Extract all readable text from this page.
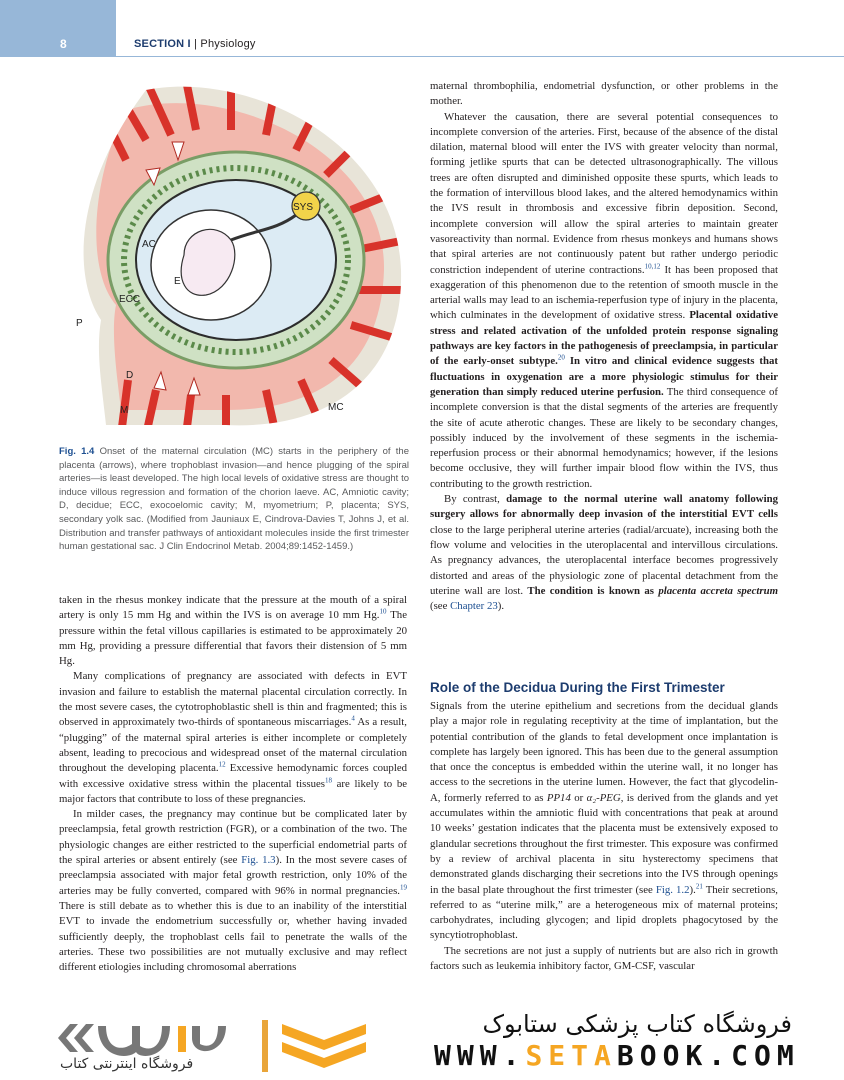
8	SECTION I | Physiology
SYS
AC
E
ECC
P
D
M	MC
Fig. 1.4 Onset of the maternal circulation (MC) starts in the periphery of the placenta (arrows), where trophoblast invasion—and hence plugging of the spiral arteries—is least developed. The high local levels of oxidative stress are thought to induce villous regression and formation of the chorion laeve. AC, Amniotic cavity; D, decidue; ECC, exocoelomic cavity; M, myometrium; P, placenta; SYS, secondary yolk sac. (Modified from Jauniaux E, Cindrova-Davies T, Johns J, et al. Distribution and transfer pathways of antioxidant molecules inside the first trimester human gestational sac. J Clin Endocrinol Metab. 2004;89:1452-1459.)

maternal thrombophilia, endometrial dysfunction, or other problems in the mother.

Whatever the causation, there are several potential consequences to incomplete conversion of the arteries. First, because of the absence of the distal dilation, maternal blood will enter the IVS with greater velocity than normal, forming jetlike spurts that can be detected ultrasonographically. The villous trees are often disrupted and diminished opposite these spurts, which leads to the formation of intervillous blood lakes, and the altered hemodynamics within the IVS result in thrombosis and excessive fibrin deposition. Second, incomplete conversion will allow the spiral arteries to maintain greater vasoreactivity than normal. Evidence from rhesus monkeys and humans shows that spiral arteries are not continuously patent but rather undergo periodic constriction independent of uterine contractions.$^{10,12}$ It has been proposed that exaggeration of this phenomenon due to the retention of smooth muscle in the arterial walls may lead to an ischemia-reperfusion type of injury in the placenta, which culminates in the development of oxidative stress. Placental oxidative stress and related activation of the unfolded protein response signaling pathways are key factors in the pathogenesis of preeclampsia, in particular of the early-onset subtype.$^{20}$ In vitro and clinical evidence suggests that fluctuations in oxygenation are a more physiologic stimulus for their generation than simply reduced uterine perfusion. The third consequence of incomplete conversion is that the distal segments of the arteries are frequently the site of acute atherotic changes. These are likely to be secondary changes, possibly induced by the involvement of these segments in the ischemia-reperfusion process or their abnormal hemodynamics; however, if the lesions become occlusive, they will further impair blood flow within the IVS, thus contributing to the growth restriction.

By contrast, damage to the normal uterine wall anatomy following surgery allows for abnormally deep invasion of the interstitial EVT cells close to the large peripheral uterine arteries (radial/arcuate), increasing both the flow volume and velocities in the uteroplacental and intervillous circulations. As pregnancy advances, the uteroplacental interface becomes progressively distorted and areas of the physiologic zone of placental detachment from the uterine wall are lost. The condition is known as placenta accreta spectrum (see Chapter 23).

Role of the Decidua During the First Trimester

Signals from the uterine epithelium and secretions from the decidual glands play a major role in regulating receptivity at the time of implantation, but the potential contribution of the glands to fetal development once implantation is complete has largely been ignored. This has been due to the general assumption that once the conceptus is embedded within the uterine wall, it no longer has access to the secretions in the uterine lumen. However, the fact that glycodelin-A, formerly referred to as PP14 or α₂-PEG, is derived from the glands and yet accumulates within the amniotic fluid with concentrations that peak at around 10 weeks’ gestation indicates that the placenta must be extensively exposed to glandular secretions throughout the first trimester. This exposure was confirmed by a review of archival placenta in situ hysterectomy specimens that demonstrated glands discharging their secretions into the IVS through openings in the basal plate throughout the first trimester (see Fig. 1.2).$^{21}$ Their secretions, referred to as “uterine milk,” are a heterogeneous mix of maternal proteins; carbohydrates, including glycogen; and lipid droplets phagocytosed by the syncytiotrophoblast.

The secretions are not just a supply of nutrients but are also rich in growth factors such as leukemia inhibitory factor, GM-CSF, vascular

taken in the rhesus monkey indicate that the pressure at the mouth of a spiral artery is only 15 mm Hg and within the IVS is on average 10 mm Hg.$^{10}$ The pressure within the fetal villous capillaries is estimated to be approximately 20 mm Hg, providing a pressure differential that favors their distension of 5 mm Hg.

Many complications of pregnancy are associated with defects in EVT invasion and failure to establish the maternal placental circulation correctly. In the most severe cases, the cytotrophoblastic shell is thin and fragmented; this is observed in approximately two-thirds of spontaneous miscarriages.$^4$ As a result, “plugging” of the maternal spiral arteries is either incomplete or completely absent, leading to precocious and widespread onset of the maternal circulation throughout the developing placenta.$^{12}$ Excessive hemodynamic forces coupled with excessive oxidative stress within the placental tissues$^{18}$ are likely to be major factors that contribute to loss of these pregnancies.

In milder cases, the pregnancy may continue but be complicated later by preeclampsia, fetal growth restriction (FGR), or a combination of the two. The physiologic changes are either restricted to the superficial endometrial parts of the spiral arteries or absent entirely (see Fig. 1.3). In the most severe cases of preeclampsia associated with major fetal growth restriction, only 10% of the arteries may be fully converted, compared with 96% in normal pregnancies.$^{19}$ There is still debate as to whether this is due to an inability of the interstitial EVT to invade the endometrium successfully or, whether having invaded sufficiently deeply, the trophoblast cells fail to penetrate the walls of the arteries. These two possibilities are not mutually exclusive and may reflect different etiologies including chromosomal aberrations

فروشگاه اینترنتی کتاب
فروشگاه کتاب پزشکی ستابوک
WWW.SETABOOK.COM
